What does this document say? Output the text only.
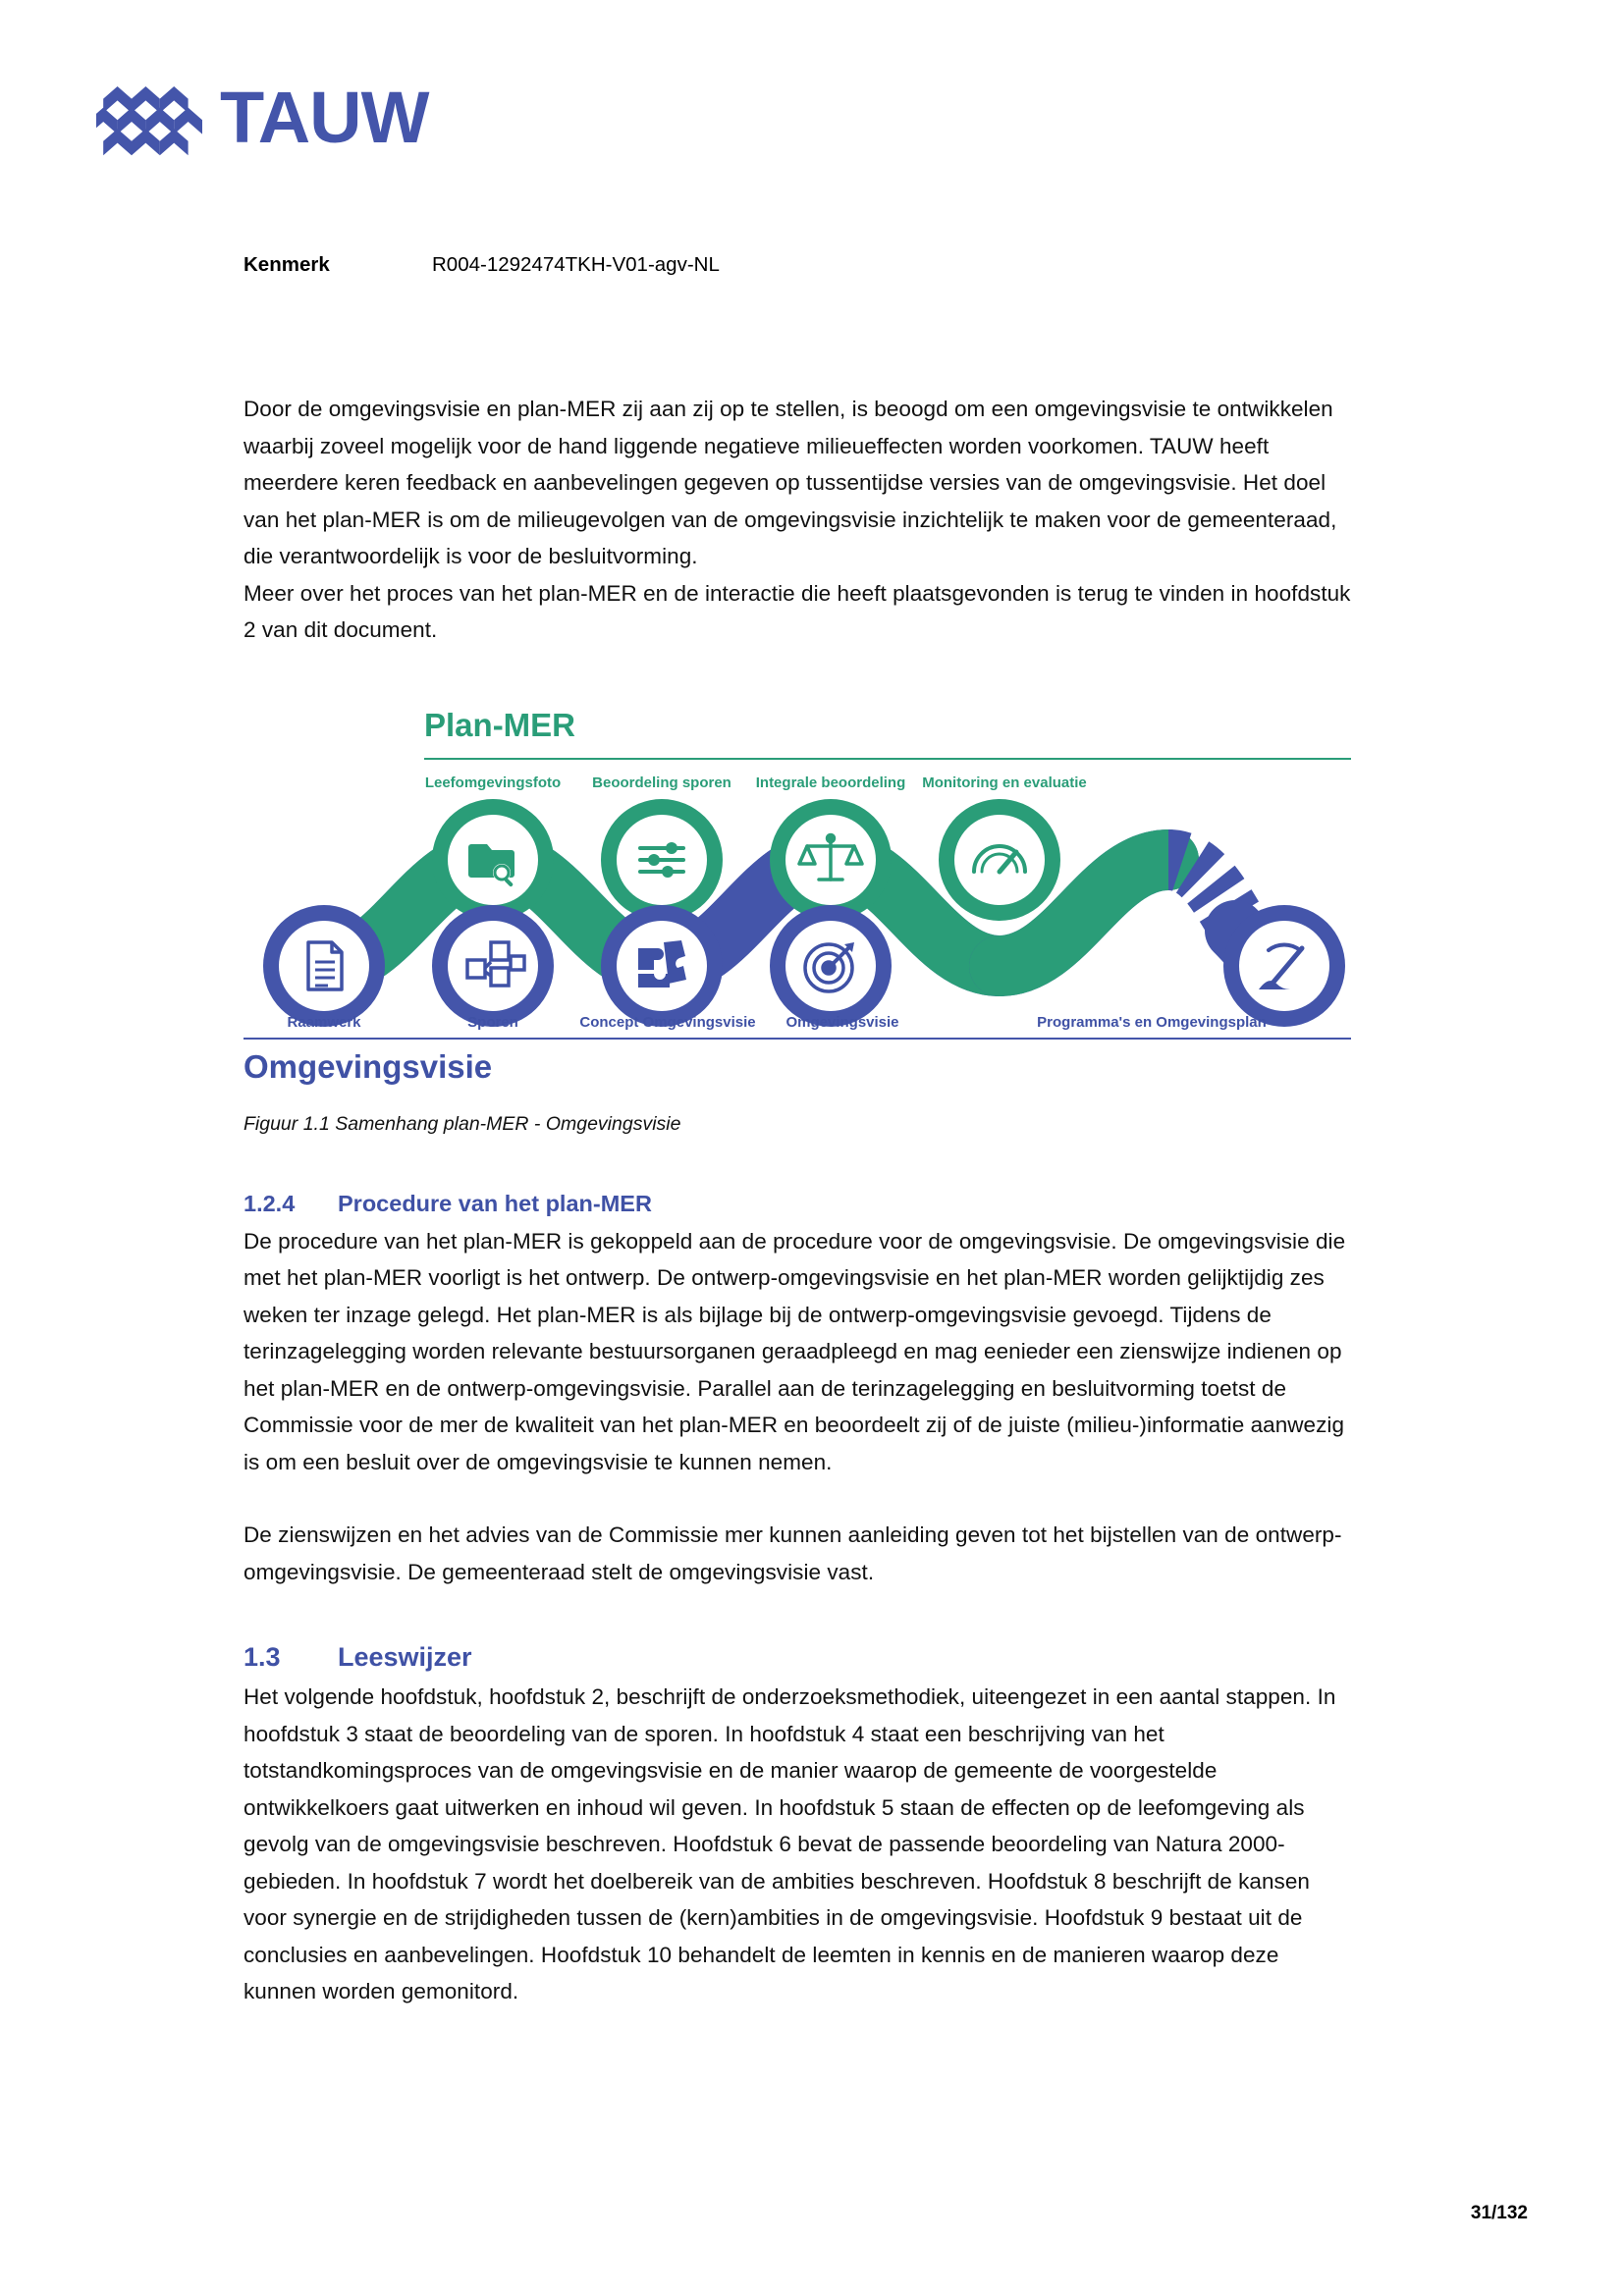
TAUW
Kenmerk	R004-1292474TKH-V01-agv-NL

Door de omgevingsvisie en plan-MER zij aan zij op te stellen, is beoogd om een omgevingsvisie te ontwikkelen waarbij zoveel mogelijk voor de hand liggende negatieve milieueffecten worden voorkomen. TAUW heeft meerdere keren feedback en aanbevelingen gegeven op tussentijdse versies van de omgevingsvisie. Het doel van het plan-MER is om de milieugevolgen van de omgevingsvisie inzichtelijk te maken voor de gemeenteraad, die verantwoordelijk is voor de besluitvorming.

Meer over het proces van het plan-MER en de interactie die heeft plaatsgevonden is terug te vinden in hoofdstuk 2 van dit document.

Plan-MER
Leefomgevingsfoto Beoordeling sporen Integrale beoordeling Monitoring en evaluatie
Raamwerk	Sporen	Concept Omgevingsvisie Omgevingsvisie	Programma's en Omgevingsplan
Omgevingsvisie

Figuur 1.1 Samenhang plan-MER - Omgevingsvisie

1.2.4	Procedure van het plan-MER

De procedure van het plan-MER is gekoppeld aan de procedure voor de omgevingsvisie. De omgevingsvisie die met het plan-MER voorligt is het ontwerp. De ontwerp-omgevingsvisie en het plan-MER worden gelijktijdig zes weken ter inzage gelegd. Het plan-MER is als bijlage bij de ontwerp-omgevingsvisie gevoegd. Tijdens de terinzagelegging worden relevante bestuursorganen geraadpleegd en mag eenieder een zienswijze indienen op het plan-MER en de ontwerp-omgevingsvisie. Parallel aan de terinzagelegging en besluitvorming toetst de Commissie voor de mer de kwaliteit van het plan-MER en beoordeelt zij of de juiste (milieu-)informatie aanwezig is om een besluit over de omgevingsvisie te kunnen nemen.

De zienswijzen en het advies van de Commissie mer kunnen aanleiding geven tot het bijstellen van de ontwerp-omgevingsvisie. De gemeenteraad stelt de omgevingsvisie vast.

1.3	Leeswijzer

Het volgende hoofdstuk, hoofdstuk 2, beschrijft de onderzoeksmethodiek, uiteengezet in een aantal stappen. In hoofdstuk 3 staat de beoordeling van de sporen. In hoofdstuk 4 staat een beschrijving van het totstandkomingsproces van de omgevingsvisie en de manier waarop de gemeente de voorgestelde ontwikkelkoers gaat uitwerken en inhoud wil geven. In hoofdstuk 5 staan de effecten op de leefomgeving als gevolg van de omgevingsvisie beschreven. Hoofdstuk 6 bevat de passende beoordeling van Natura 2000-gebieden. In hoofdstuk 7 wordt het doelbereik van de ambities beschreven. Hoofdstuk 8 beschrijft de kansen voor synergie en de strijdigheden tussen de (kern)ambities in de omgevingsvisie. Hoofdstuk 9 bestaat uit de conclusies en aanbevelingen. Hoofdstuk 10 behandelt de leemten in kennis en de manieren waarop deze kunnen worden gemonitord.

31/132
